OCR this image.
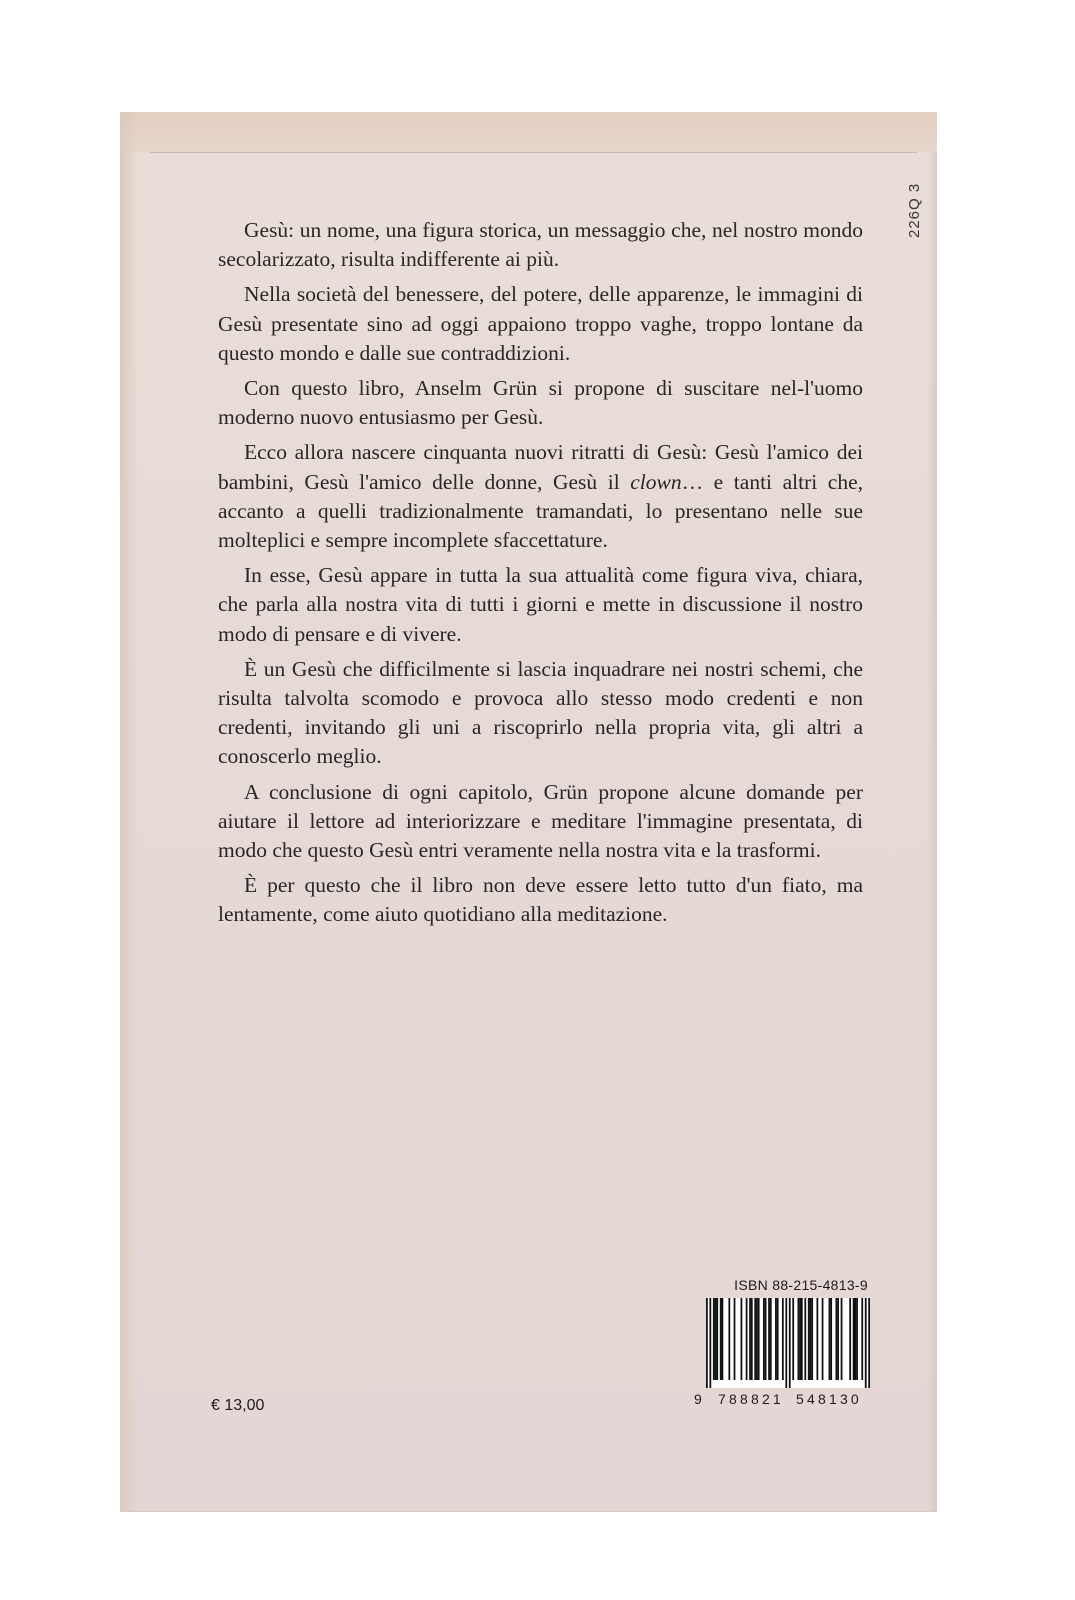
226Q 3

Gesù: un nome, una figura storica, un messaggio che, nel nostro mondo secolarizzato, risulta indifferente ai più.

Nella società del benessere, del potere, delle apparenze, le immagini di Gesù presentate sino ad oggi appaiono troppo vaghe, troppo lontane da questo mondo e dalle sue contraddizioni.

Con questo libro, Anselm Grün si propone di suscitare nel-l'uomo moderno nuovo entusiasmo per Gesù.

Ecco allora nascere cinquanta nuovi ritratti di Gesù: Gesù l'amico dei bambini, Gesù l'amico delle donne, Gesù il clown… e tanti altri che, accanto a quelli tradizionalmente tramandati, lo presentano nelle sue molteplici e sempre incomplete sfaccettature.

In esse, Gesù appare in tutta la sua attualità come figura viva, chiara, che parla alla nostra vita di tutti i giorni e mette in discussione il nostro modo di pensare e di vivere.

È un Gesù che difficilmente si lascia inquadrare nei nostri schemi, che risulta talvolta scomodo e provoca allo stesso modo credenti e non credenti, invitando gli uni a riscoprirlo nella propria vita, gli altri a conoscerlo meglio.

A conclusione di ogni capitolo, Grün propone alcune domande per aiutare il lettore ad interiorizzare e meditare l'immagine presentata, di modo che questo Gesù entri veramente nella nostra vita e la trasformi.

È per questo che il libro non deve essere letto tutto d'un fiato, ma lentamente, come aiuto quotidiano alla meditazione.

€ 13,00
ISBN 88-215-4813-9
9 788821 548130
